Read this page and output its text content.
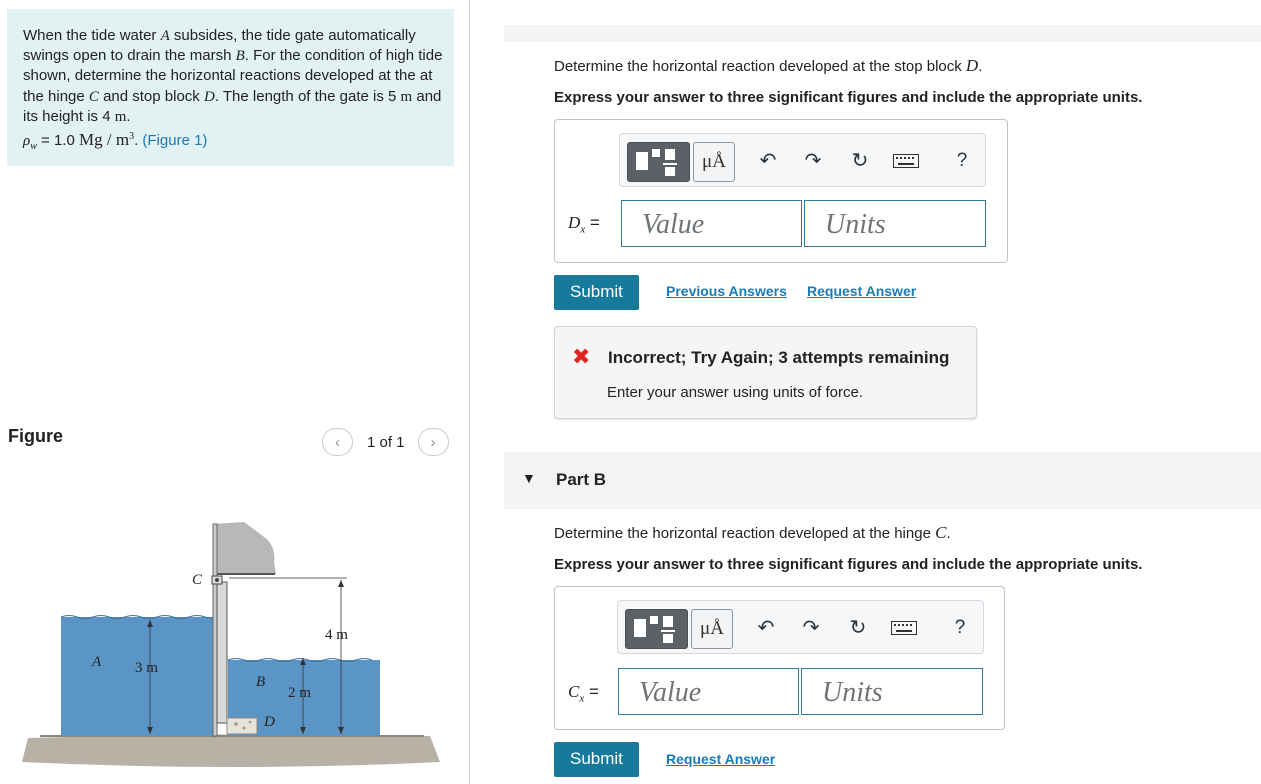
When the tide water A subsides, the tide gate automatically swings open to drain the marsh B. For the condition of high tide shown, determine the horizontal reactions developed at the at the hinge C and stop block D. The length of the gate is 5 m and its height is 4 m.
$\rho_w = 1.0$ Mg / $m^3$. (Figure 1)
Figure	‹ 1 of 1 ›
C
A
B
D
4 m
3 m
2 m
Determine the horizontal reaction developed at the stop block D.
Express your answer to three significant figures and include the appropriate units.
μÅ	↶ ↷ ↻	?
$D_x$ =	Value	Units
Submit	Previous Answers Request Answer
✖ Incorrect; Try Again; 3 attempts remaining
Enter your answer using units of force.
▼ Part B
Determine the horizontal reaction developed at the hinge C.
Express your answer to three significant figures and include the appropriate units.
μÅ	↶ ↷ ↻	?
$C_x$ =	Value	Units
Submit	Request Answer
